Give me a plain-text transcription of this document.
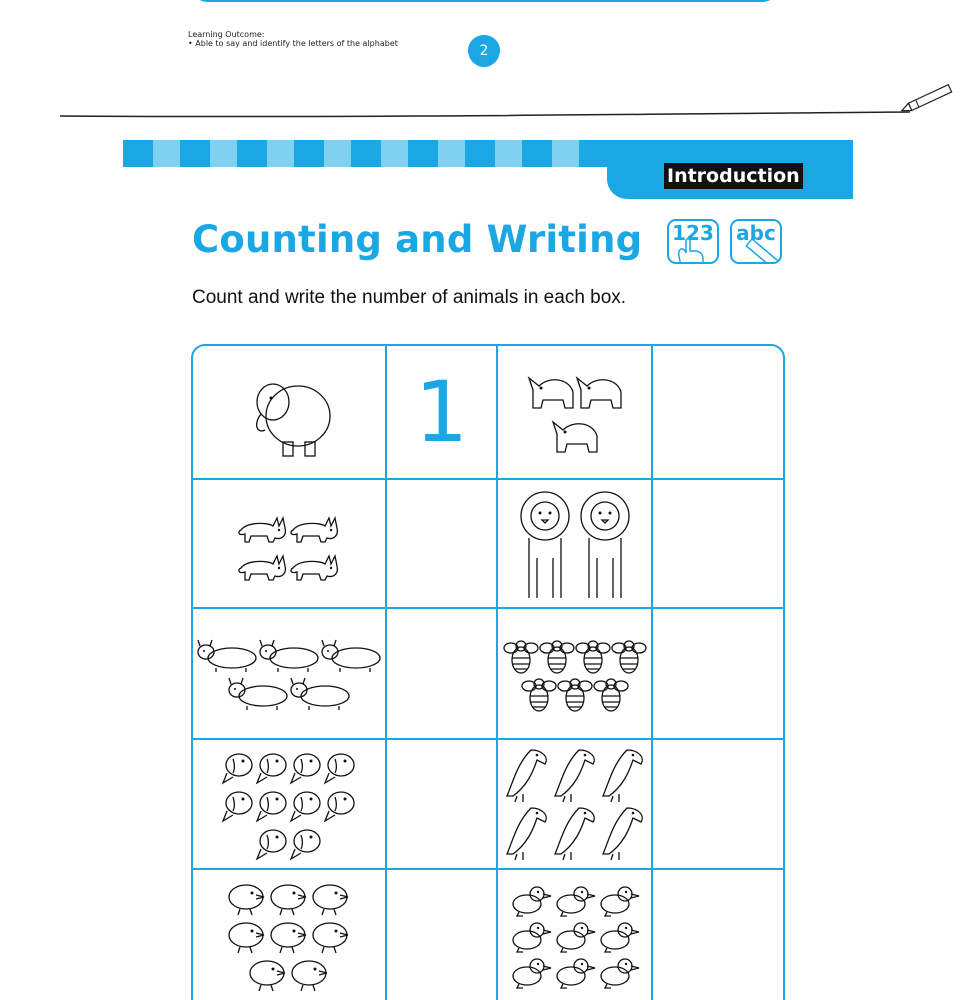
Learning Outcome:
• Able to say and identify the letters of the alphabet	2
Introduction
Counting and Writing 123	abc
Count and write the number of animals in each box.
	1	
